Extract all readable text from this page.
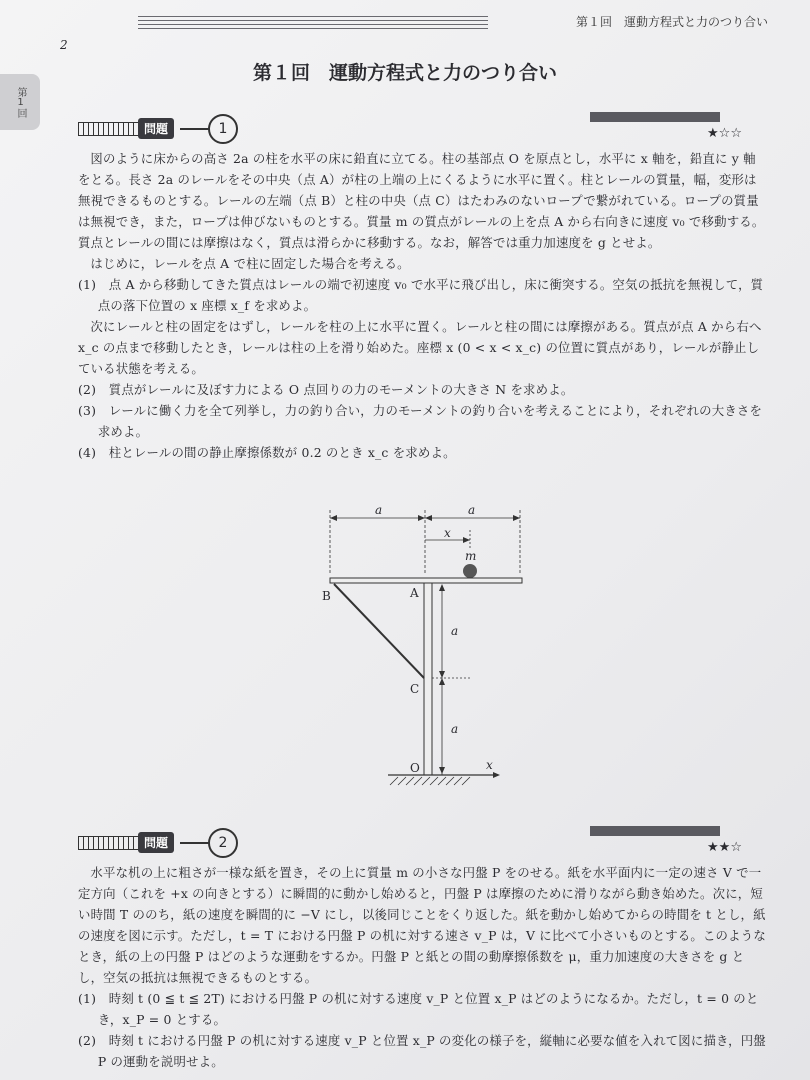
第１回　運動方程式と力のつり合い
2
第1回
第１回　運動方程式と力のつり合い
問題	1	★☆☆

図のように床からの高さ 2a の柱を水平の床に鉛直に立てる。柱の基部点 O を原点とし，水平に x 軸を，鉛直に y 軸をとる。長さ 2a のレールをその中央（点 A）が柱の上端の上にくるように水平に置く。柱とレールの質量，幅，変形は無視できるものとする。レールの左端（点 B）と柱の中央（点 C）はたわみのないロープで繋がれている。ロープの質量は無視でき，また，ロープは伸びないものとする。質量 m の質点がレールの上を点 A から右向きに速度 v₀ で移動する。質点とレールの間には摩擦はなく，質点は滑らかに移動する。なお，解答では重力加速度を g とせよ。

はじめに，レールを点 A で柱に固定した場合を考える。

(1)　点 A から移動してきた質点はレールの端で初速度 v₀ で水平に飛び出し，床に衝突する。空気の抵抗を無視して，質点の落下位置の x 座標 x_f を求めよ。

次にレールと柱の固定をはずし，レールを柱の上に水平に置く。レールと柱の間には摩擦がある。質点が点 A から右へ x_c の点まで移動したとき，レールは柱の上を滑り始めた。座標 x (0 < x < x_c) の位置に質点があり，レールが静止している状態を考える。

(2)　質点がレールに及ぼす力による O 点回りの力のモーメントの大きさ N を求めよ。

(3)　レールに働く力を全て列挙し，力の釣り合い，力のモーメントの釣り合いを考えることにより，それぞれの大きさを求めよ。

(4)　柱とレールの間の静止摩擦係数が 0.2 のとき x_c を求めよ。

a	a
x
m
a
a
B	A
C
O	x
問題	2	★★☆

水平な机の上に粗さが一様な紙を置き，その上に質量 m の小さな円盤 P をのせる。紙を水平面内に一定の速さ V で一定方向（これを +x の向きとする）に瞬間的に動かし始めると，円盤 P は摩擦のために滑りながら動き始めた。次に，短い時間 T ののち，紙の速度を瞬間的に −V にし，以後同じことをくり返した。紙を動かし始めてからの時間を t とし，紙の速度を図に示す。ただし，t = T における円盤 P の机に対する速さ v_P は，V に比べて小さいものとする。このようなとき，紙の上の円盤 P はどのような運動をするか。円盤 P と紙との間の動摩擦係数を μ，重力加速度の大きさを g とし，空気の抵抗は無視できるものとする。

(1)　時刻 t (0 ≦ t ≦ 2T) における円盤 P の机に対する速度 v_P と位置 x_P はどのようになるか。ただし，t = 0 のとき，x_P = 0 とする。

(2)　時刻 t における円盤 P の机に対する速度 v_P と位置 x_P の変化の様子を，縦軸に必要な値を入れて図に描き，円盤 P の運動を説明せよ。
